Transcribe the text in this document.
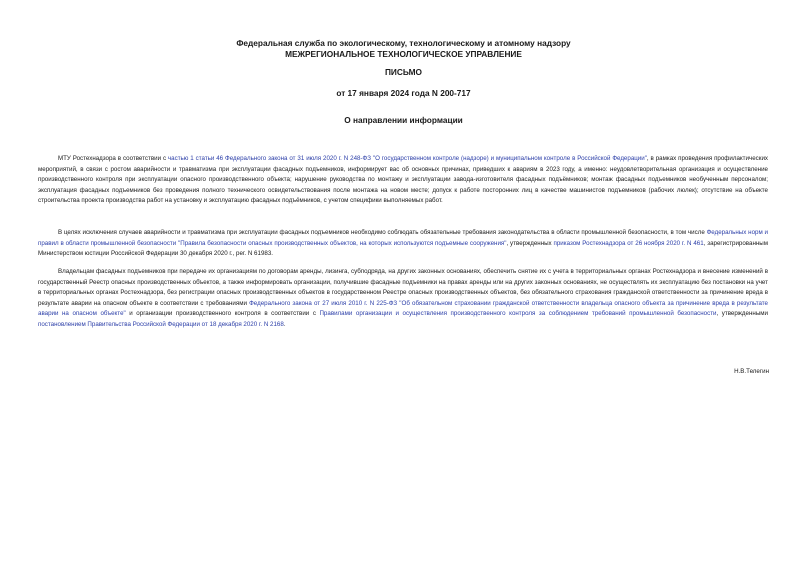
Федеральная служба по экологическому, технологическому и атомному надзору
МЕЖРЕГИОНАЛЬНОЕ ТЕХНОЛОГИЧЕСКОЕ УПРАВЛЕНИЕ
ПИСЬМО
от 17 января 2024 года N 200-717
О направлении информации

МТУ Ростехнадзора в соответствии с частью 1 статьи 46 Федерального закона от 31 июля 2020 г. N 248-ФЗ "О государственном контроле (надзоре) и муниципальном контроле в Российской Федерации", в рамках проведения профилактических мероприятий, в связи с ростом аварийности и травматизма при эксплуатации фасадных подъемников, информирует вас об основных причинах, приведших к авариям в 2023 году, а именно: неудовлетворительная организация и осуществление производственного контроля при эксплуатации опасного производственного объекта; нарушение руководства по монтажу и эксплуатации завода-изготовителя фасадных подъёмников; монтаж фасадных подъемников необученным персоналом; эксплуатация фасадных подъемников без проведения полного технического освидетельствования после монтажа на новом месте; допуск к работе посторонних лиц в качестве машинистов подъемников (рабочих люлек); отсутствие на объекте строительства проекта производства работ на установку и эксплуатацию фасадных подъёмников, с учетом специфики выполняемых работ.

В целях исключения случаев аварийности и травматизма при эксплуатации фасадных подъемников необходимо соблюдать обязательные требования законодательства в области промышленной безопасности, в том числе Федеральных норм и правил в области промышленной безопасности "Правила безопасности опасных производственных объектов, на которых используются подъемные сооружения", утвержденных приказом Ростехнадзора от 26 ноября 2020 г. N 461, зарегистрированным Министерством юстиции Российской Федерации 30 декабря 2020 г., рег. N 61983.

Владельцам фасадных подъемников при передаче их организациям по договорам аренды, лизинга, субподряда, на других законных основаниях, обеспечить снятие их с учета в территориальных органах Ростехнадзора и внесение изменений в государственный Реестр опасных производственных объектов, а также информировать организации, получившие фасадные подъемники на правах аренды или на других законных основаниях, не осуществлять их эксплуатацию без постановки на учет в территориальных органах Ростехнадзора, без регистрации опасных производственных объектов в государственном Реестре опасных производственных объектов, без обязательного страхования гражданской ответственности за причинение вреда в результате аварии на опасном объекте в соответствии с требованиями Федерального закона от 27 июля 2010 г. N 225-ФЗ "Об обязательном страховании гражданской ответственности владельца опасного объекта за причинение вреда в результате аварии на опасном объекте" и организации производственного контроля в соответствии с Правилами организации и осуществления производственного контроля за соблюдением требований промышленной безопасности, утвержденными постановлением Правительства Российской Федерации от 18 декабря 2020 г. N 2168.

Н.В.Телегин
